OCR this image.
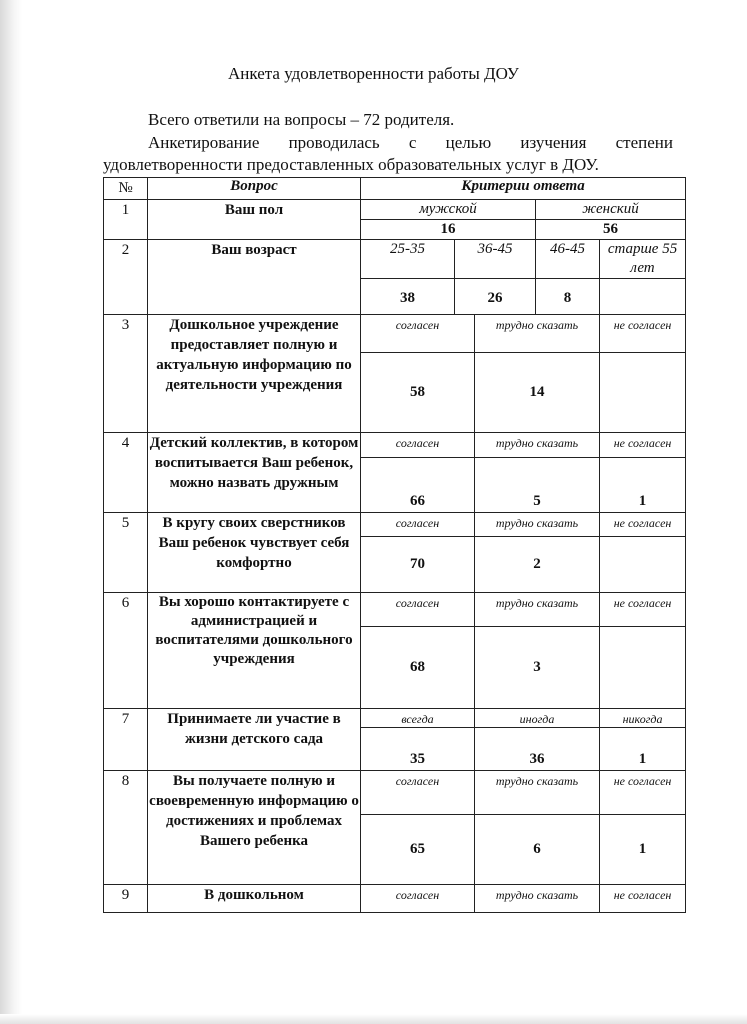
Анкета удовлетворенности работы ДОУ
Всего ответили на вопросы – 72 родителя.
Анкетирование проводилась с целью изучения степени
удовлетворенности предоставленных образовательных услуг в ДОУ.
№	Вопрос	Критерии ответа				
1	Ваш пол	мужской			женский	
		16			56	
2	Ваш возраст	25-35	36-45		46-45	старше 55 лет
		38	26		8	
3	Дошкольное учреждение предоставляет полную и актуальную информацию по деятельности учреждения	согласен		трудно сказать		не согласен
		58		14		
4	Детский коллектив, в котором воспитывается Ваш ребенок, можно назвать дружным	согласен		трудно сказать		не согласен
		66		5		1
5	В кругу своих сверстников Ваш ребенок чувствует себя комфортно	согласен		трудно сказать		не согласен
		70		2		
6	Вы хорошо контактируете с администрацией и воспитателями дошкольного учреждения	согласен		трудно сказать		не согласен
		68		3		
7	Принимаете ли участие в жизни детского сада	всегда		иногда		никогда
		35		36		1
8	Вы получаете полную и своевременную информацию о достижениях и проблемах Вашего ребенка	согласен		трудно сказать		не согласен
		65		6		1
9	В дошкольном	согласен		трудно сказать		не согласен
